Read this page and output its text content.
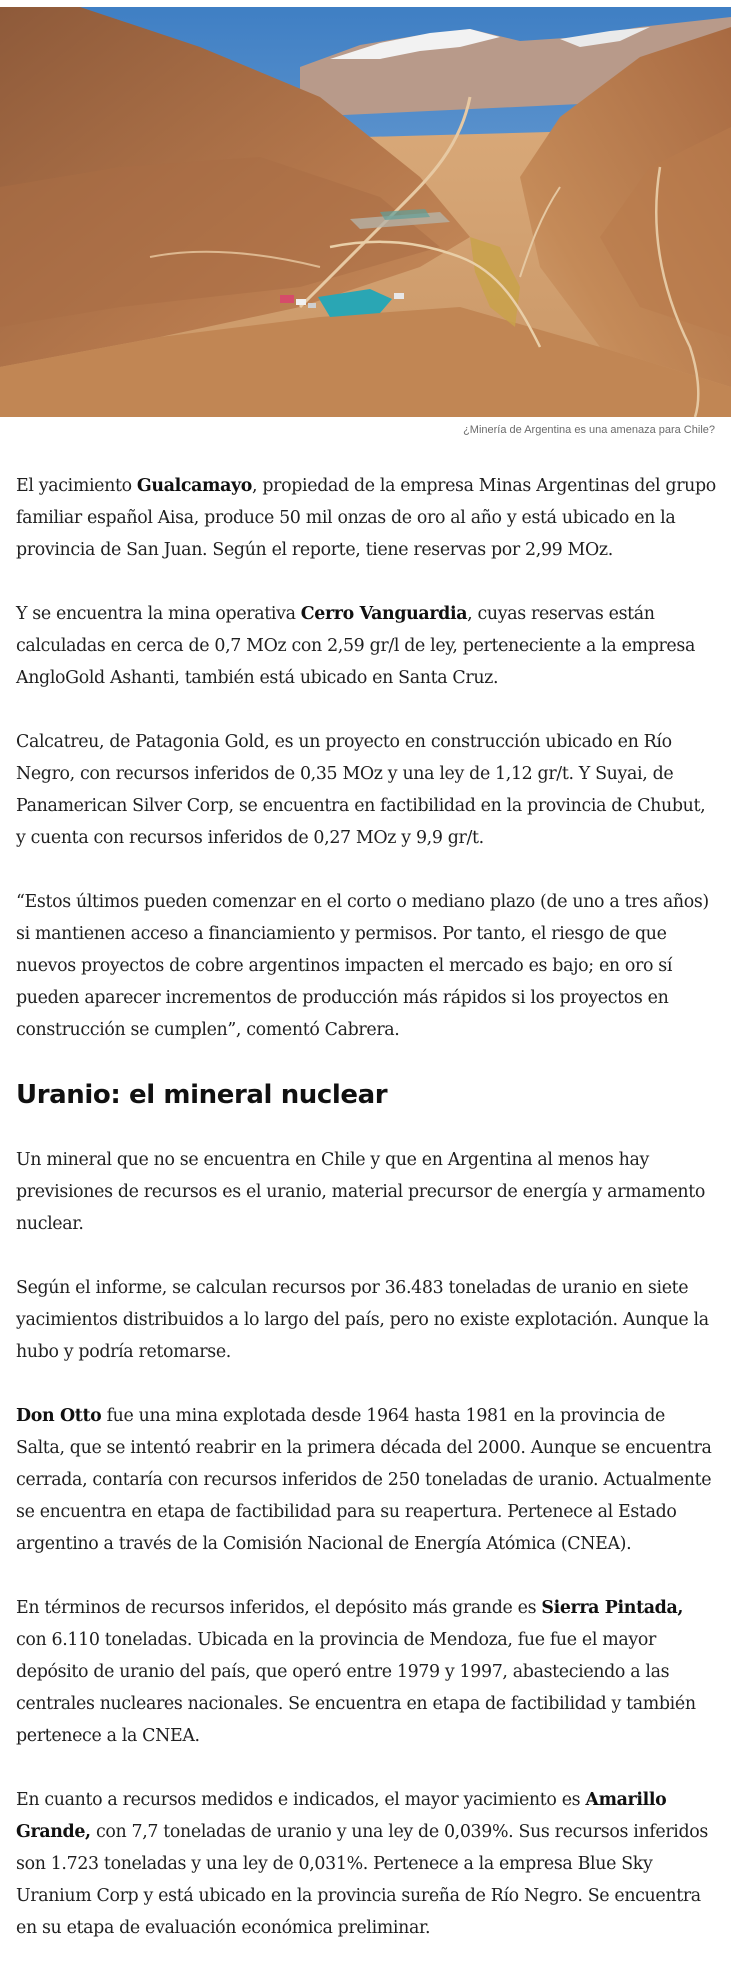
¿Minería de Argentina es una amenaza para Chile?

El yacimiento Gualcamayo, propiedad de la empresa Minas Argentinas del grupo familiar español Aisa, produce 50 mil onzas de oro al año y está ubicado en la provincia de San Juan. Según el reporte, tiene reservas por 2,99 MOz.

Y se encuentra la mina operativa Cerro Vanguardia, cuyas reservas están calculadas en cerca de 0,7 MOz con 2,59 gr/l de ley, perteneciente a la empresa AngloGold Ashanti, también está ubicado en Santa Cruz.

Calcatreu, de Patagonia Gold, es un proyecto en construcción ubicado en Río Negro, con recursos inferidos de 0,35 MOz y una ley de 1,12 gr/t. Y Suyai, de Panamerican Silver Corp, se encuentra en factibilidad en la provincia de Chubut, y cuenta con recursos inferidos de 0,27 MOz y 9,9 gr/t.

“Estos últimos pueden comenzar en el corto o mediano plazo (de uno a tres años) si mantienen acceso a financiamiento y permisos. Por tanto, el riesgo de que nuevos proyectos de cobre argentinos impacten el mercado es bajo; en oro sí pueden aparecer incrementos de producción más rápidos si los proyectos en construcción se cumplen”, comentó Cabrera.

Uranio: el mineral nuclear

Un mineral que no se encuentra en Chile y que en Argentina al menos hay previsiones de recursos es el uranio, material precursor de energía y armamento nuclear.

Según el informe, se calculan recursos por 36.483 toneladas de uranio en siete yacimientos distribuidos a lo largo del país, pero no existe explotación. Aunque la hubo y podría retomarse.

Don Otto fue una mina explotada desde 1964 hasta 1981 en la provincia de Salta, que se intentó reabrir en la primera década del 2000. Aunque se encuentra cerrada, contaría con recursos inferidos de 250 toneladas de uranio. Actualmente se encuentra en etapa de factibilidad para su reapertura. Pertenece al Estado argentino a través de la Comisión Nacional de Energía Atómica (CNEA).

En términos de recursos inferidos, el depósito más grande es Sierra Pintada, con 6.110 toneladas. Ubicada en la provincia de Mendoza, fue fue el mayor depósito de uranio del país, que operó entre 1979 y 1997, abasteciendo a las centrales nucleares nacionales. Se encuentra en etapa de factibilidad y también pertenece a la CNEA.

En cuanto a recursos medidos e indicados, el mayor yacimiento es Amarillo Grande, con 7,7 toneladas de uranio y una ley de 0,039%. Sus recursos inferidos son 1.723 toneladas y una ley de 0,031%. Pertenece a la empresa Blue Sky Uranium Corp y está ubicado en la provincia sureña de Río Negro. Se encuentra en su etapa de evaluación económica preliminar.
